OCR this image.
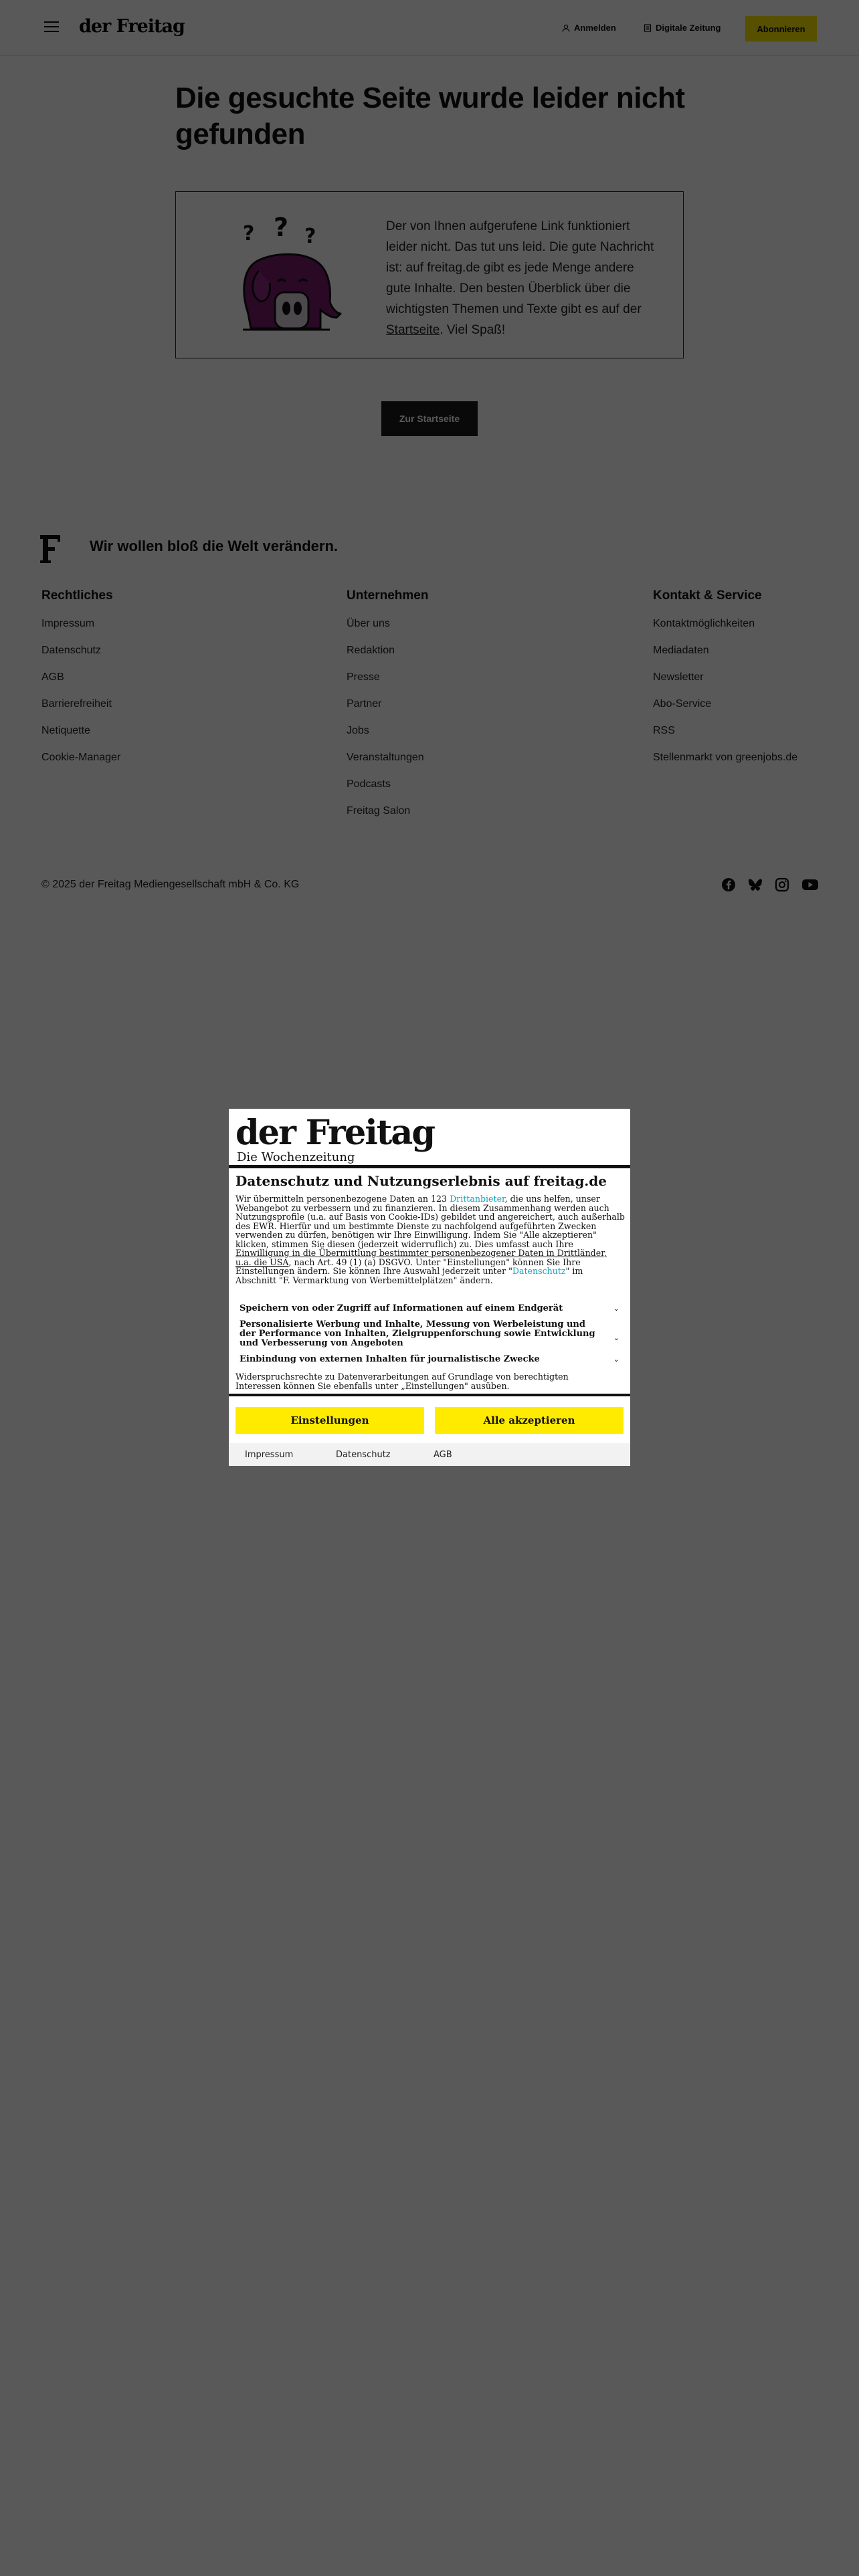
der Freitag
Die Wochenzeitung
Datenschutz und Nutzungserlebnis auf freitag.de

Wir übermitteln personenbezogene Daten an 123 Drittanbieter, die uns helfen, unser Webangebot zu verbessern und zu finanzieren. In diesem Zusammenhang werden auch Nutzungsprofile (u.a. auf Basis von Cookie-IDs) gebildet und angereichert, auch außerhalb des EWR. Hierfür und um bestimmte Dienste zu nachfolgend aufgeführten Zwecken verwenden zu dürfen, benötigen wir Ihre Einwilligung. Indem Sie "Alle akzeptieren" klicken, stimmen Sie diesen (jederzeit widerruflich) zu. Dies umfasst auch Ihre Einwilligung in die Übermittlung bestimmter personenbezogener Daten in Drittländer, u.a. die USA, nach Art. 49 (1) (a) DSGVO. Unter "Einstellungen" können Sie Ihre Einstellungen ändern. Sie können Ihre Auswahl jederzeit unter "Datenschutz" im Abschnitt "F. Vermarktung von Werbemittelplätzen" ändern.

Speichern von oder Zugriff auf Informationen auf einem Endgerät	⌄
Personalisierte Werbung und Inhalte, Messung von Werbeleistung und der Performance von Inhalten, Zielgruppenforschung sowie Entwicklung und Verbesserung von Angeboten
⌄
Einbindung von externen Inhalten für journalistische Zwecke	⌄

Widerspruchsrechte zu Datenverarbeitungen auf Grundlage von berechtigten Interessen können Sie ebenfalls unter „Einstellungen" ausüben.

Einstellungen	Alle akzeptieren
Impressum	Datenschutz	AGB
